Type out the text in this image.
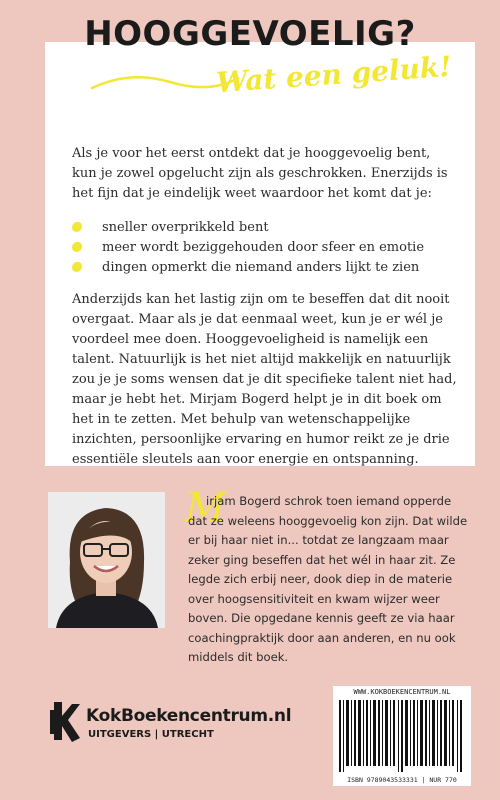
HOOGGEVOELIG?
Wat een geluk!

Als je voor het eerst ontdekt dat je hooggevoelig bent, kun je zowel opgelucht zijn als geschrokken. Enerzijds is het fijn dat je eindelijk weet waardoor het komt dat je:

sneller overprikkeld bent
meer wordt beziggehouden door sfeer en emotie
dingen opmerkt die niemand anders lijkt te zien

Anderzijds kan het lastig zijn om te beseffen dat dit nooit overgaat. Maar als je dat eenmaal weet, kun je er wél je voordeel mee doen. Hooggevoeligheid is namelijk een talent. Natuurlijk is het niet altijd makkelijk en natuurlijk zou je je soms wensen dat je dit specifieke talent niet had, maar je hebt het. Mirjam Bogerd helpt je in dit boek om het in te zetten. Met behulp van wetenschappelijke inzichten, persoonlijke ervaring en humor reikt ze je drie essentiële sleutels aan voor energie en ontspanning.

M

irjam Bogerd schrok toen iemand opperde
dat ze weleens hooggevoelig kon zijn. Dat wilde er bij haar niet in... totdat ze langzaam maar zeker ging beseffen dat het wél in haar zit. Ze legde zich erbij neer, dook diep in de materie over hoogsensitiviteit en kwam wijzer weer boven. Die opgedane kennis geeft ze via haar coachingpraktijk door aan anderen, en nu ook middels dit boek.

KokBoekencentrum.nl
UITGEVERS | UTRECHT
WWW.KOKBOEKENCENTRUM.NL
ISBN 9789043533331 | NUR 770
